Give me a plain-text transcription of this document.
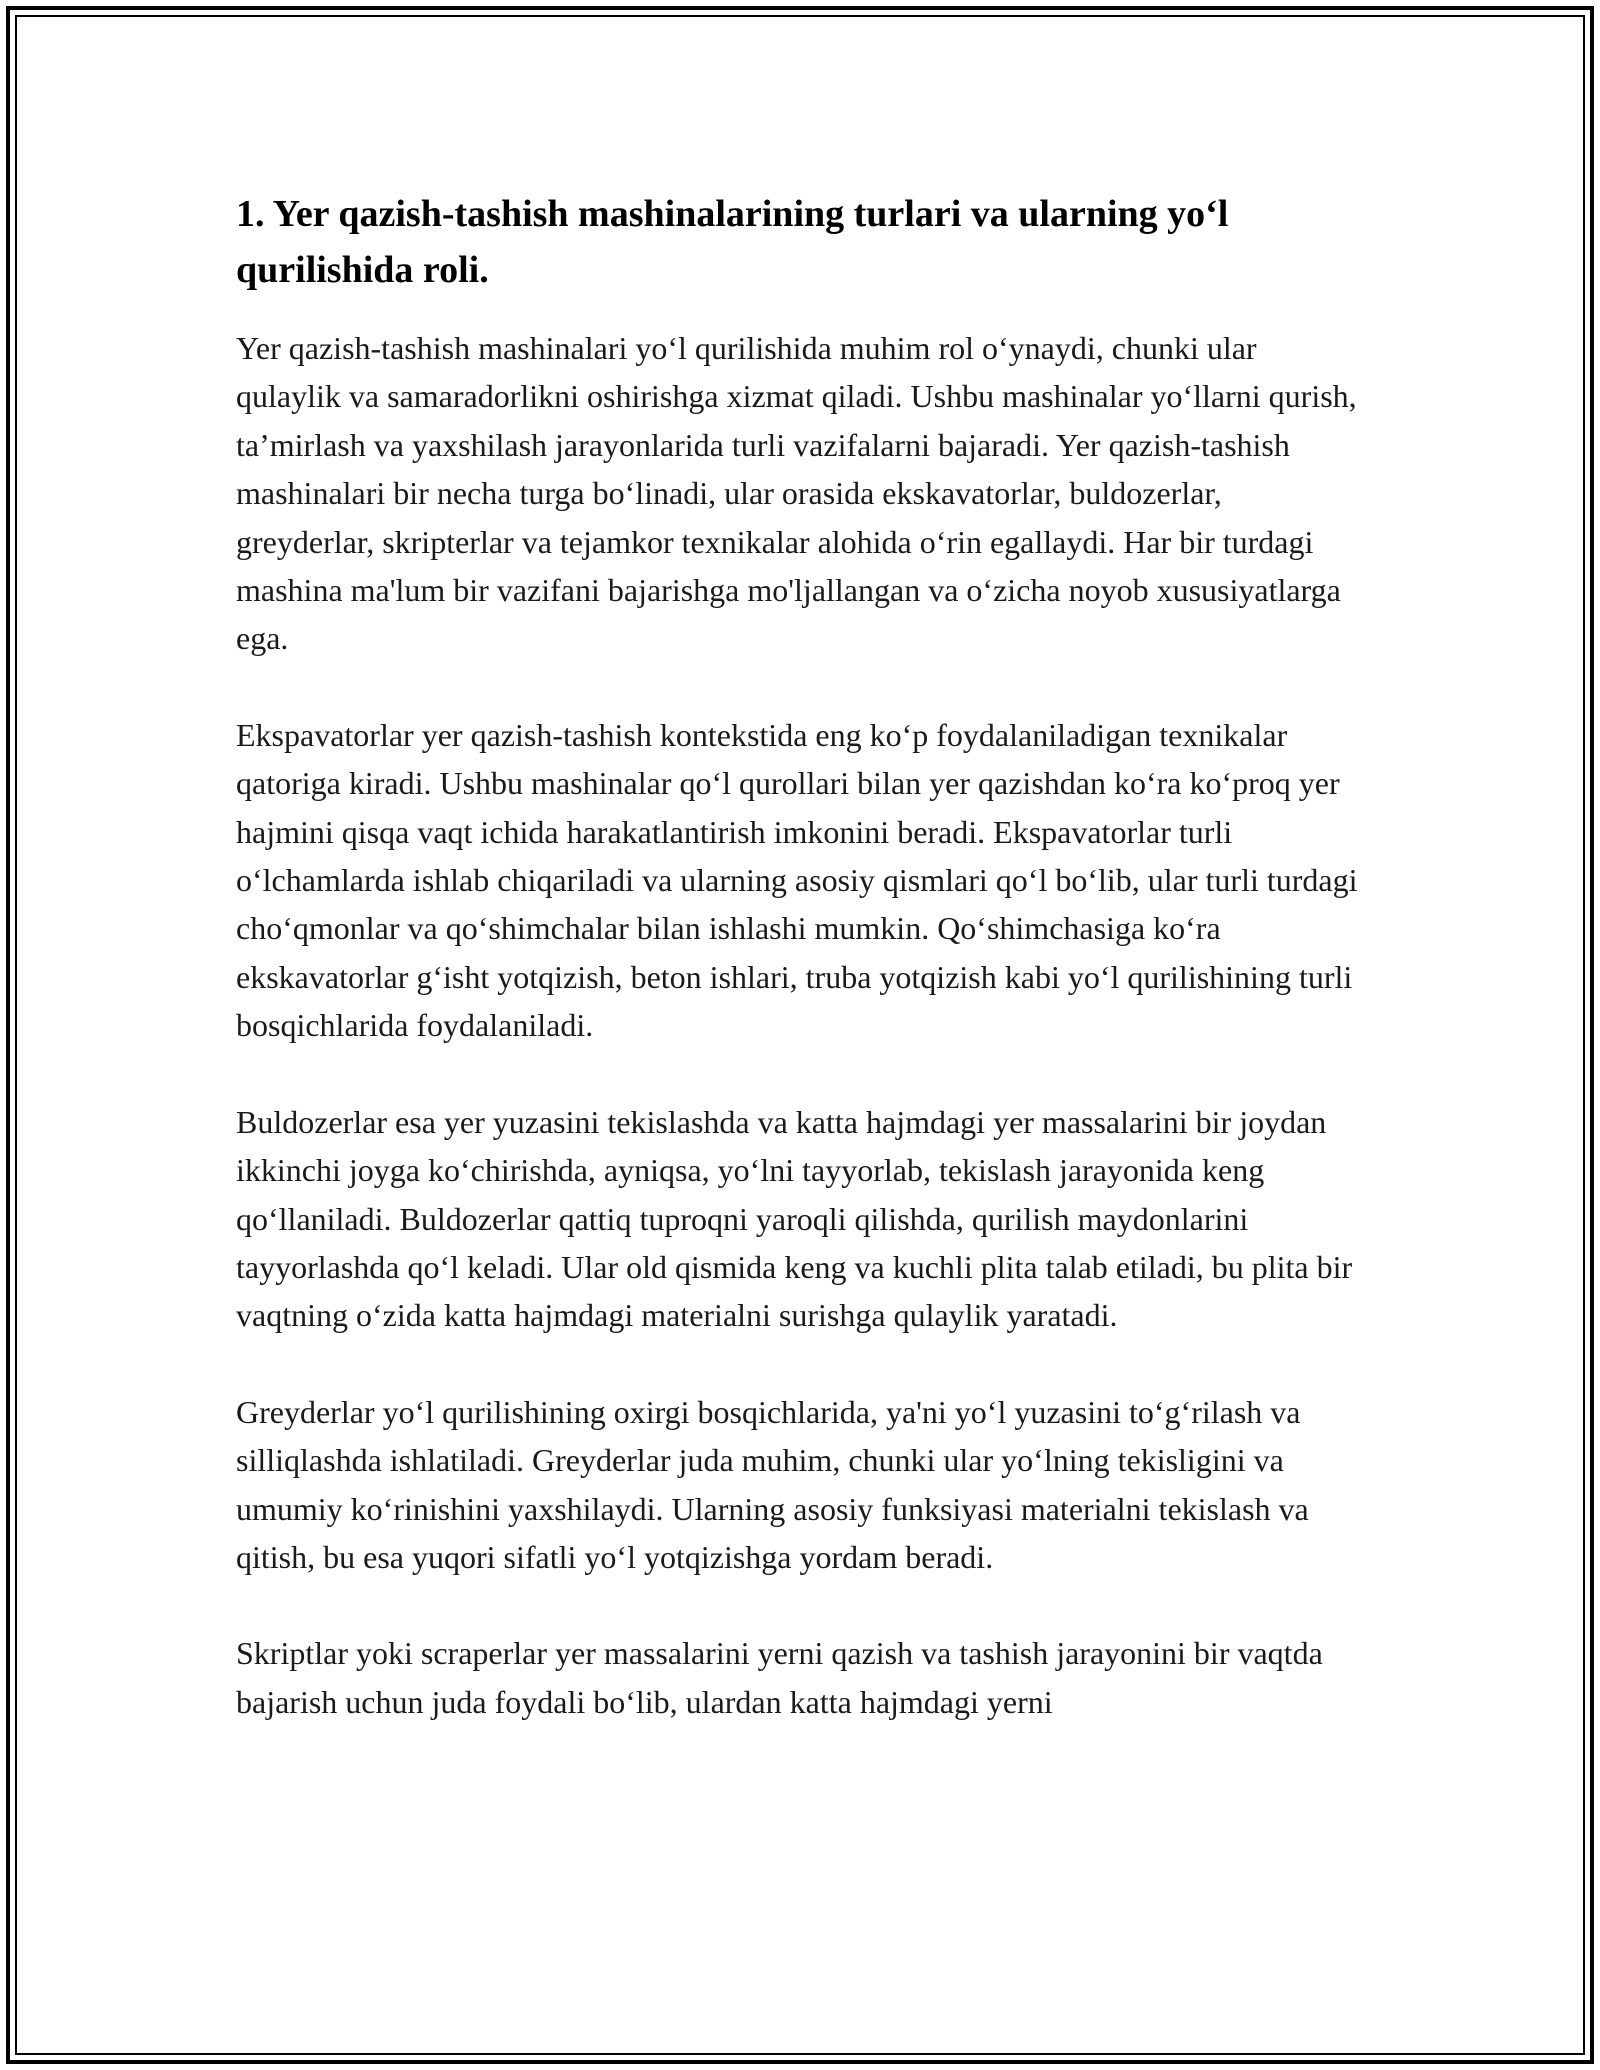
1. Yer qazish-tashish mashinalarining turlari va ularning yo‘l qurilishida roli.

Yer qazish-tashish mashinalari yo‘l qurilishida muhim rol o‘ynaydi, chunki ular qulaylik va samaradorlikni oshirishga xizmat qiladi. Ushbu mashinalar yo‘llarni qurish, ta’mirlash va yaxshilash jarayonlarida turli vazifalarni bajaradi. Yer qazish-tashish mashinalari bir necha turga bo‘linadi, ular orasida ekskavatorlar, buldozerlar, greyderlar, skripterlar va tejamkor texnikalar alohida o‘rin egallaydi. Har bir turdagi mashina ma'lum bir vazifani bajarishga mo'ljallangan va o‘zicha noyob xususiyatlarga ega.

Ekspavatorlar yer qazish-tashish kontekstida eng ko‘p foydalaniladigan texnikalar qatoriga kiradi. Ushbu mashinalar qo‘l qurollari bilan yer qazishdan ko‘ra ko‘proq yer hajmini qisqa vaqt ichida harakatlantirish imkonini beradi. Ekspavatorlar turli o‘lchamlarda ishlab chiqariladi va ularning asosiy qismlari qo‘l bo‘lib, ular turli turdagi cho‘qmonlar va qo‘shimchalar bilan ishlashi mumkin. Qo‘shimchasiga ko‘ra ekskavatorlar g‘isht yotqizish, beton ishlari, truba yotqizish kabi yo‘l qurilishining turli bosqichlarida foydalaniladi.

Buldozerlar esa yer yuzasini tekislashda va katta hajmdagi yer massalarini bir joydan ikkinchi joyga ko‘chirishda, ayniqsa, yo‘lni tayyorlab, tekislash jarayonida keng qo‘llaniladi. Buldozerlar qattiq tuproqni yaroqli qilishda, qurilish maydonlarini tayyorlashda qo‘l keladi. Ular old qismida keng va kuchli plita talab etiladi, bu plita bir vaqtning o‘zida katta hajmdagi materialni surishga qulaylik yaratadi.

Greyderlar yo‘l qurilishining oxirgi bosqichlarida, ya'ni yo‘l yuzasini to‘g‘rilash va silliqlashda ishlatiladi. Greyderlar juda muhim, chunki ular yo‘lning tekisligini va umumiy ko‘rinishini yaxshilaydi. Ularning asosiy funksiyasi materialni tekislash va qitish, bu esa yuqori sifatli yo‘l yotqizishga yordam beradi.

Skriptlar yoki scraperlar yer massalarini yerni qazish va tashish jarayonini bir vaqtda bajarish uchun juda foydali bo‘lib, ulardan katta hajmdagi yerni
